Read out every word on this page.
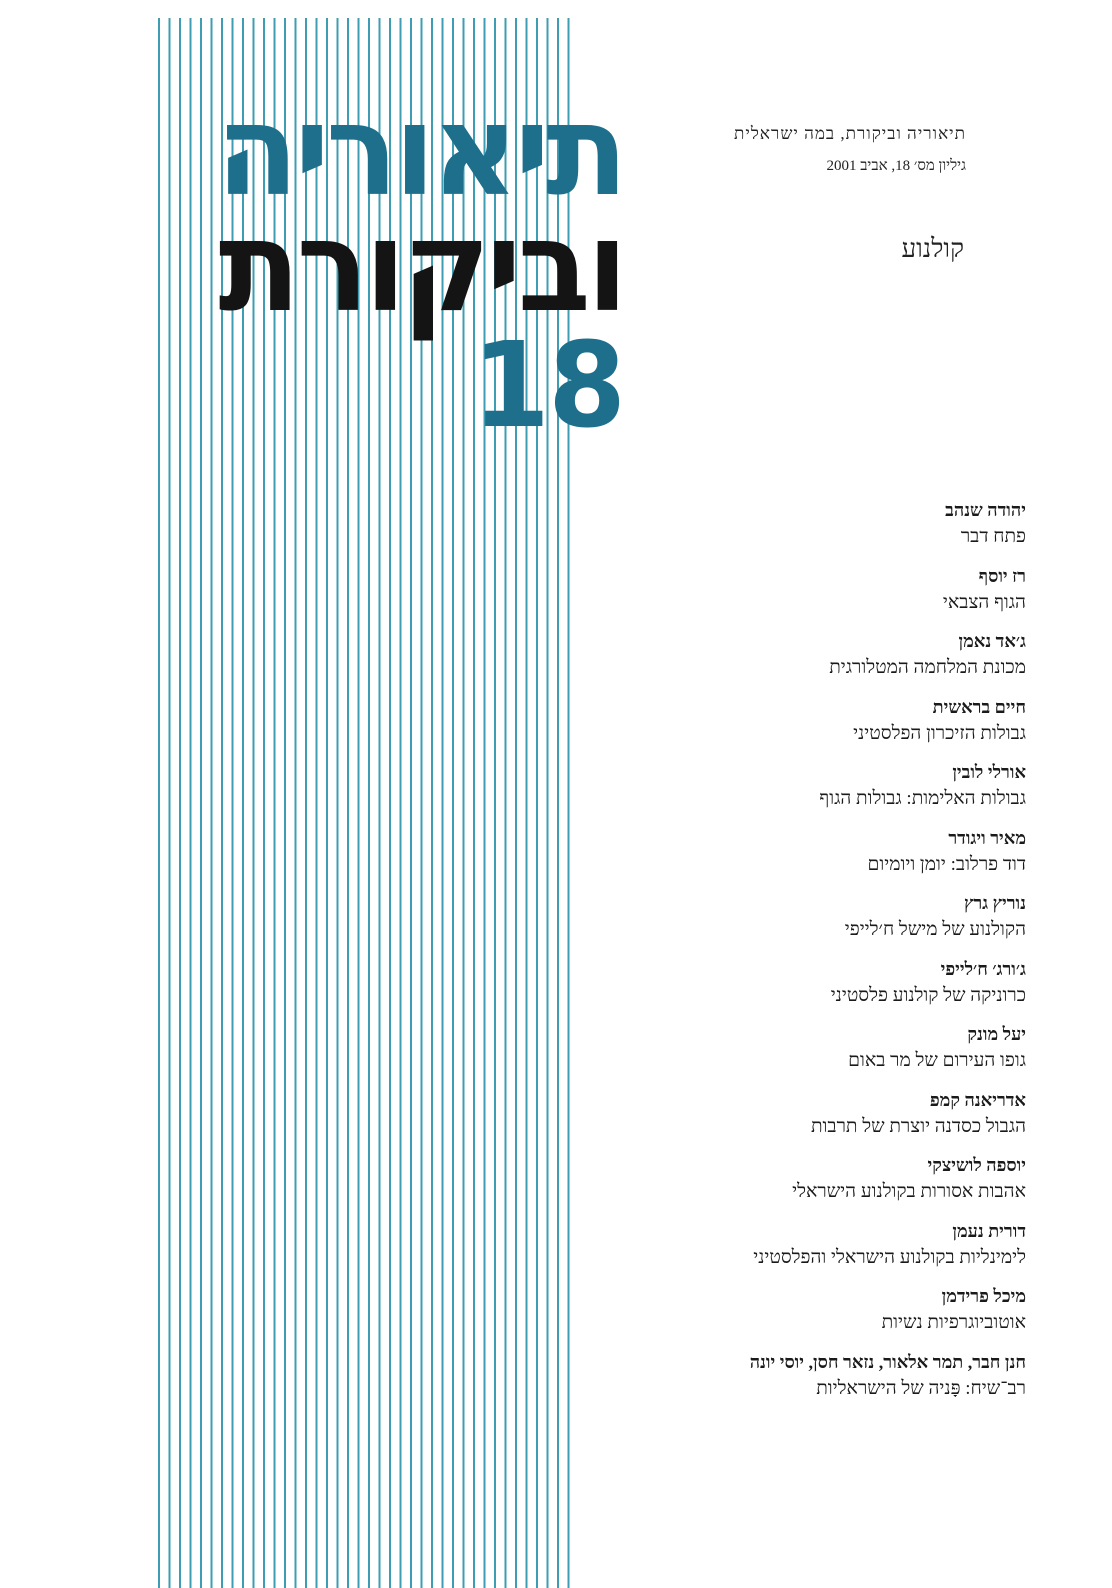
תיאוריה
וביקורת
18
תיאוריה וביקורת, במה ישראלית
גיליון מס׳ 18, אביב 2001
קולנוע
יהודה שנהב
פתח דבר
רז יוסף
הגוף הצבאי
ג׳אד נאמן
מכונת המלחמה המטלורגית
חיים בראשית
גבולות הזיכרון הפלסטיני
אורלי לובין
גבולות האלימות: גבולות הגוף
מאיר ויגודר
דוד פרלוב: יומן ויומיום
נוריץ גרץ
הקולנוע של מישל ח׳לייפי
ג׳ורג׳ ח׳לייפי
כרוניקה של קולנוע פלסטיני
יעל מונק
גופו העירום של מר באום
אדריאנה קמפ
הגבול כסדנה יוצרת של תרבות
יוספה לושיצקי
אהבות אסורות בקולנוע הישראלי
דורית נעמן
לימינליות בקולנוע הישראלי והפלסטיני
מיכל פרידמן
אוטוביוגרפיות נשיות
חנן חבר, תמר אלאור, נזאר חסן, יוסי יונה
רב־שיח: פָּניה של הישראליות
